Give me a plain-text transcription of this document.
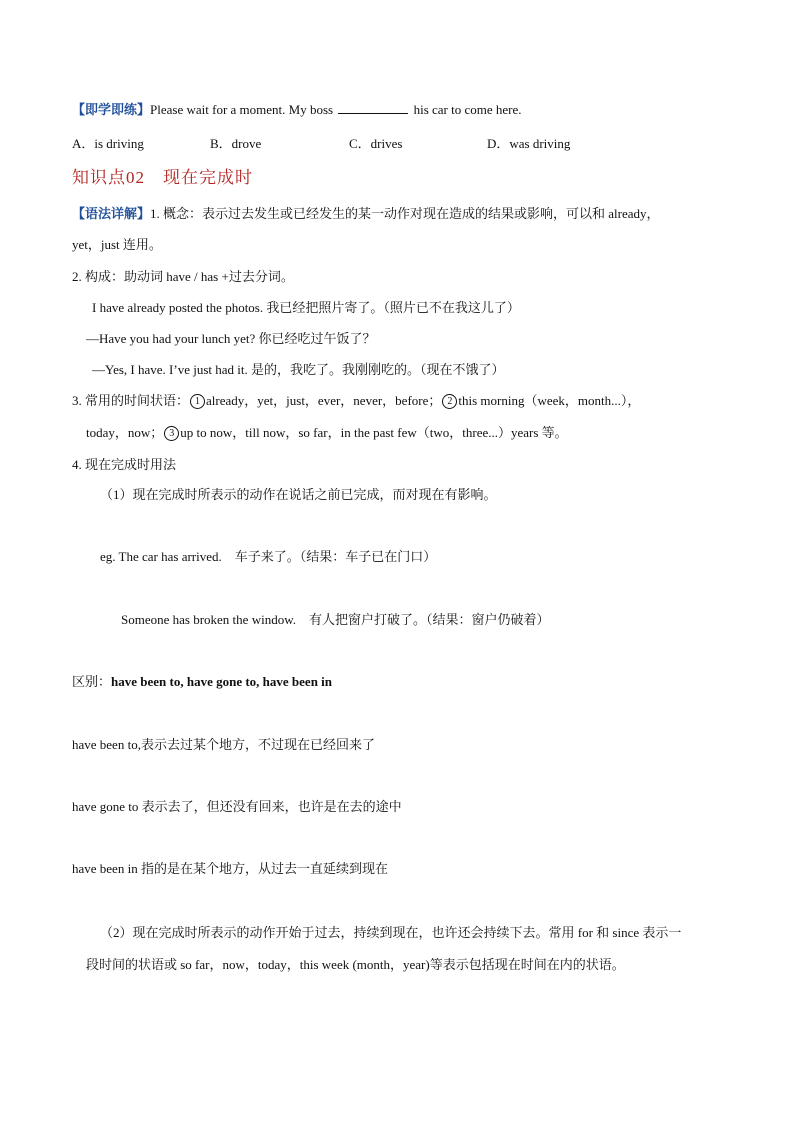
【即学即练】Please wait for a moment. My boss	his car to come here.
A．is driving	B．drove	C．drives	D．was driving
知识点02　现在完成时
【语法详解】1. 概念：表示过去发生或已经发生的某一动作对现在造成的结果或影响，可以和 already，
yet，just 连用。
2. 构成：助动词 have / has +过去分词。
I have already posted the photos. 我已经把照片寄了。（照片已不在我这儿了）
—Have you had your lunch yet? 你已经吃过午饭了？
—Yes, I have. I’ve just had it. 是的，我吃了。我刚刚吃的。（现在不饿了）
3. 常用的时间状语： 1 already，yet，just，ever，never，before； 2 this morning（week，month...），
today，now； 3 up to now，till now，so far，in the past few（two，three...）years 等。
4. 现在完成时用法
（1）现在完成时所表示的动作在说话之前已完成，而对现在有影响。
eg. The car has arrived.　车子来了。（结果：车子已在门口）
Someone has broken the window.　有人把窗户打破了。（结果：窗户仍破着）
区别：have been to, have gone to, have been in
have been to,表示去过某个地方，不过现在已经回来了
have gone to 表示去了，但还没有回来，也许是在去的途中
have been in 指的是在某个地方，从过去一直延续到现在
（2）现在完成时所表示的动作开始于过去，持续到现在，也许还会持续下去。常用 for 和 since 表示一
段时间的状语或 so far，now，today，this week (month，year)等表示包括现在时间在内的状语。
